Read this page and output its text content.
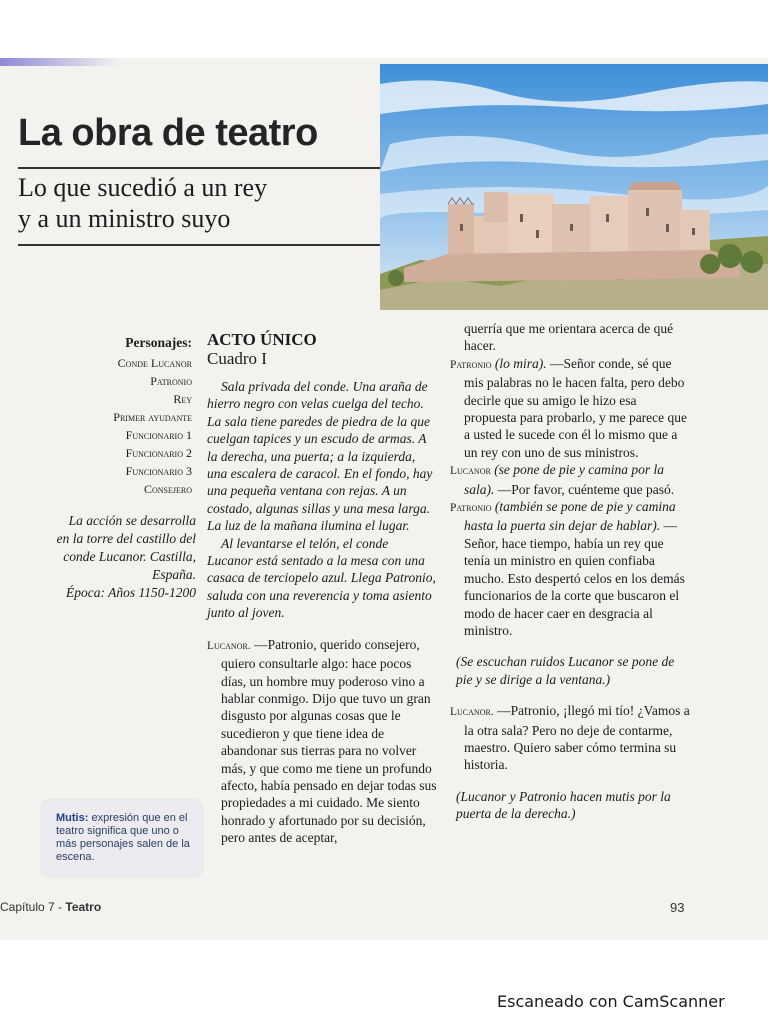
La obra de teatro
Lo que sucedió a un rey
y a un ministro suyo
Personajes:
Conde Lucanor
Patronio
Rey
Primer ayudante
Funcionario 1
Funcionario 2
Funcionario 3
Consejero
La acción se desarrolla
en la torre del castillo del
conde Lucanor. Castilla,
España.
Época: Años 1150-1200
ACTO ÚNICO
Cuadro I

Sala privada del conde. Una araña de hierro negro con velas cuelga del techo. La sala tiene paredes de piedra de la que cuelgan tapices y un escudo de armas. A la derecha, una puerta; a la izquierda, una escalera de caracol. En el fondo, hay una pequeña ventana con rejas. A un costado, algunas sillas y una mesa larga. La luz de la mañana ilumina el lugar.

Al levantarse el telón, el conde Lucanor está sentado a la mesa con una casaca de terciopelo azul. Llega Patronio, saluda con una reverencia y toma asiento junto al joven.

Lucanor. —Patronio, querido consejero, quiero consultarle algo: hace pocos días, un hombre muy poderoso vino a hablar conmigo. Dijo que tuvo un gran disgusto por algunas cosas que le sucedieron y que tiene idea de abandonar sus tierras para no volver más, y que como me tiene un profundo afecto, había pensado en dejar todas sus propiedades a mi cuidado. Me siento honrado y afortunado por su decisión, pero antes de aceptar,

querría que me orientara acerca de qué hacer.

Patronio (lo mira). —Señor conde, sé que mis palabras no le hacen falta, pero debo decirle que su amigo le hizo esa propuesta para probarlo, y me parece que a usted le sucede con él lo mismo que a un rey con uno de sus ministros.

Lucanor (se pone de pie y camina por la sala). —Por favor, cuénteme que pasó.

Patronio (también se pone de pie y camina hasta la puerta sin dejar de hablar). —Señor, hace tiempo, había un rey que tenía un ministro en quien confiaba mucho. Esto despertó celos en los demás funcionarios de la corte que buscaron el modo de hacer caer en desgracia al ministro.

(Se escuchan ruidos Lucanor se pone de pie y se dirige a la ventana.)

Lucanor. —Patronio, ¡llegó mi tío! ¿Vamos a la otra sala? Pero no deje de contarme, maestro. Quiero saber cómo termina su historia.

(Lucanor y Patronio hacen mutis por la puerta de la derecha.)

Mutis: expresión que en el teatro significa que uno o más personajes salen de la escena.
Capítulo 7 - Teatro	93
Escaneado con CamScanner
